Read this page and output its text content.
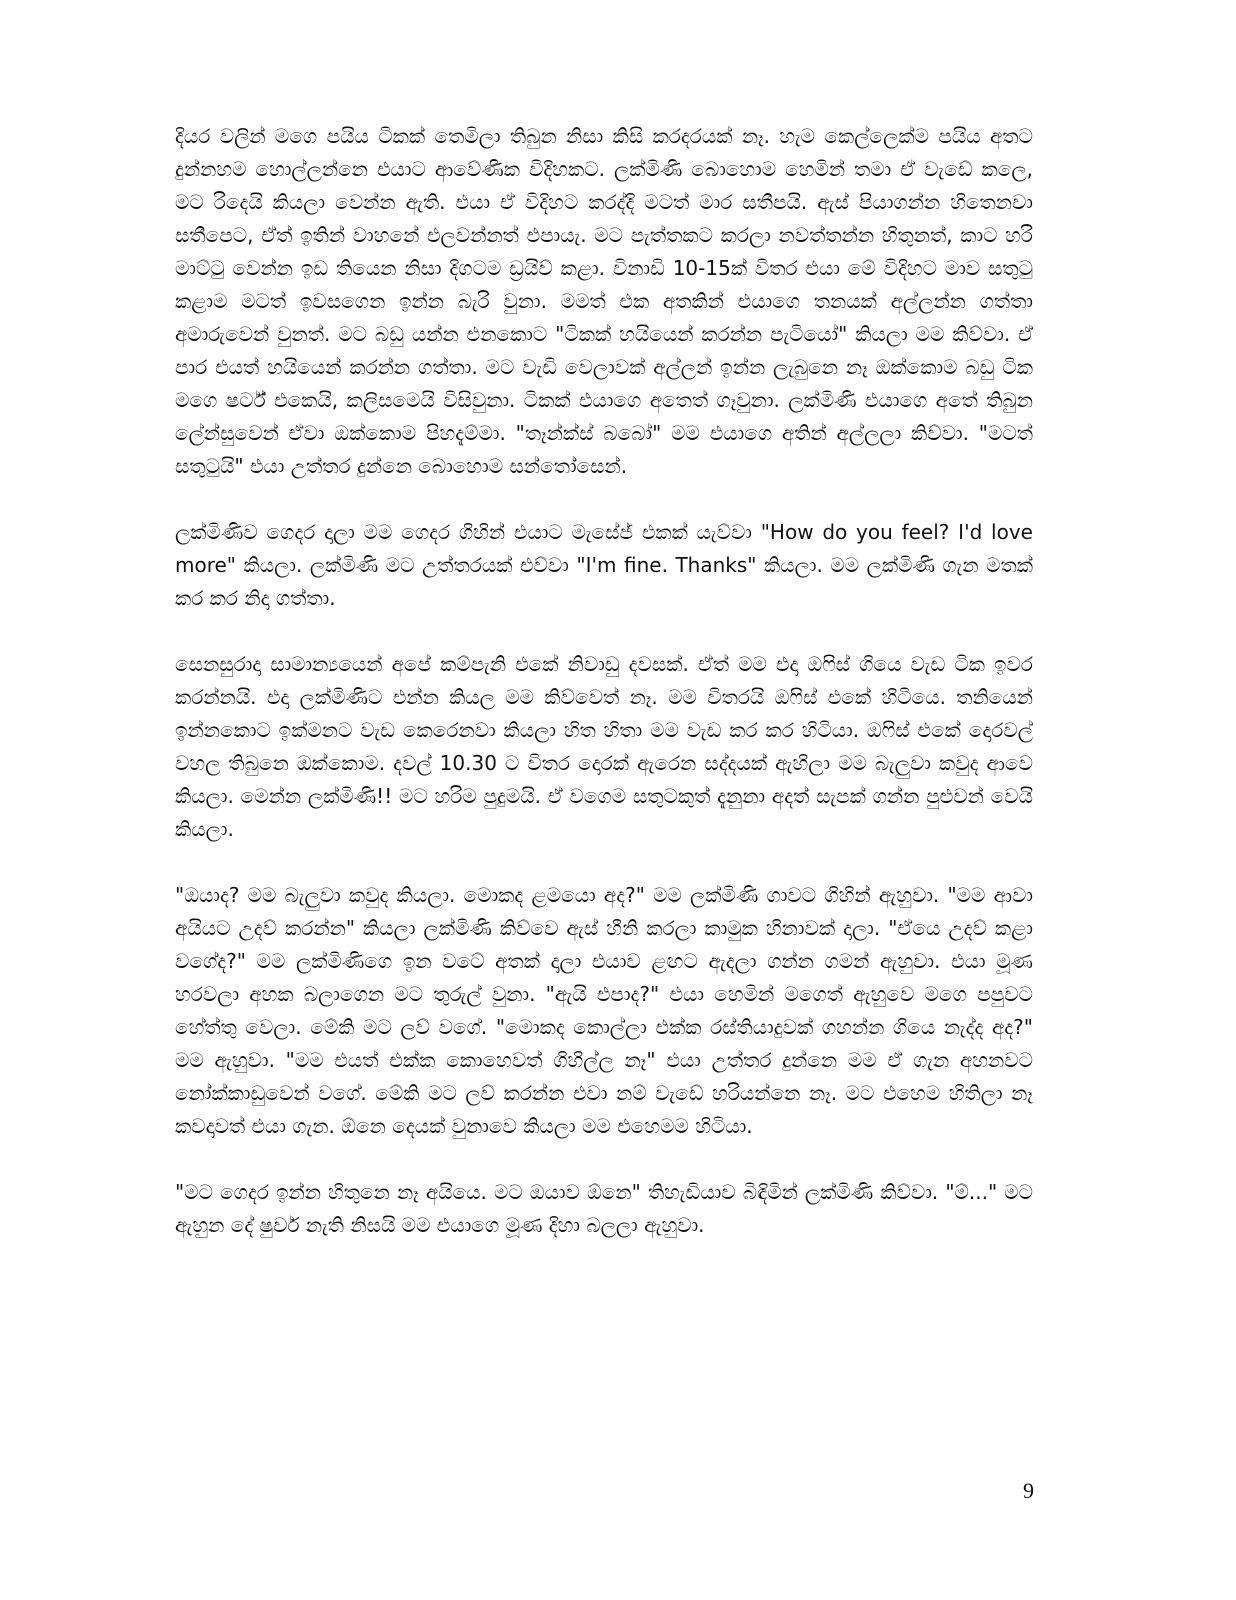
දියර වලින් මගෙ පයිය ටිකක් තෙමිලා තිබුන නිසා කිසි කරදරයක් නෑ. හැම කෙල්ලෙක්ම පයිය අතට දුන්නහම හොල්ලන්නෙ එයාට ආවේණික විදිහකට. ලක්මිණි බොහොම හෙමින් තමා ඒ වැඩේ කලෙ, මට රිදෙයි කියලා වෙන්න ඇති. එයා ඒ විදිහට කරද්දි මටත් මාර සතීපයි. ඇස් පියාගන්න හිතෙනවා සතීපෙට, ඒත් ඉතින් වාහනේ එලවන්නත් එපායැ. මට පැත්තකට කරලා නවත්තන්න හිතුනත්, කාට හරි මාට්ටු වෙන්න ඉඩ තියෙන නිසා දිගටම ඩ්‍රයිව් කළා. විනාඩි 10-15ක් විතර එයා මේ විදිහට මාව සතුටු කළාම මටත් ඉවසගෙන ඉන්න බැරි වුනා. මමත් එක අතකින් එයාගෙ තනයක් අල්ලන්න ගත්තා අමාරුවෙන් වුනත්. මට බඩු යන්න එනකොට "ටිකක් හයියෙන් කරන්න පැටියෝ" කියලා මම කිව්වා. ඒ පාර එයත් හයියෙන් කරන්න ගත්තා. මට වැඩි වෙලාවක් අල්ලන් ඉන්න ලැබුනෙ නෑ ඔක්කොම බඩු ටික මගෙ ෂර්ට් එකෙයි, කලිසමෙයි විසිවුනා. ටිකක් එයාගෙ අතෙත් ගෑවුනා. ලක්මිණි එයාගෙ අතේ තිබුන ලේන්සුවෙන් ඒවා ඔක්කොම පිහදැම්මා. "තෑන්ක්ස් බබෝ" මම එයාගෙ අතින් අල්ලලා කිව්වා. "මටත් සතුටුයි" එයා උත්තර දුන්නෙ බොහොම සන්තෝසෙන්.

ලක්මිණිව ගෙදර දාලා මම ගෙදර ගිහින් එයාට මැසේජ් එකක් යැව්වා "How do you feel? I'd love more" කියලා. ලක්මිණි මට උත්තරයක් එව්වා "I'm fine. Thanks" කියලා. මම ලක්මිණි ගැන මතක් කර කර නිදා ගත්තා.

සෙනසුරාදා සාමාන්‍යයෙන් අපේ කම්පැනි එකේ නිවාඩු දවසක්. ඒත් මම එදා ඔෆිස් ගියෙ වැඩ ටික ඉවර කරන්නයි. එදා ලක්මිණිට එන්න කියල මම කිව්වෙත් නෑ. මම විතරයි ඔෆිස් එකේ හිටියෙ. තනියෙන් ඉන්නකොට ඉක්මනට වැඩ කෙරෙනවා කියලා හිත හිතා මම වැඩ කර කර හිටියා. ඔෆිස් එකේ දොරවල් වහල තිබුනෙ ඔක්කොම. දවල් 10.30 ට විතර දොරක් ඇරෙන සද්දයක් ඇහිලා මම බැලුවා කවුද ආවෙ කියලා. මෙන්න ලක්මිණි!! මට හරිම පුදුමයි. ඒ වගෙම සතුටකුත් දැනුනා අදත් සැපක් ගන්න පුළුවන් වෙයි කියලා.

"ඔයාද? මම බැලුවා කවුද කියලා. මොකද ළමයො අද?" මම ලක්මිණි ගාවට ගිහින් ඇහුවා. "මම ආවා අයියට උදව් කරන්න" කියලා ලක්මිණි කිව්වෙ ඇස් හීනි කරලා කාමුක හිනාවක් දාලා. "ඒයෙ උදව් කළා වගේද?" මම ලක්මිණිගෙ ඉන වටේ අතක් දාලා එයාව ළඟට ඇදලා ගන්න ගමන් ඇහුවා. එයා මූණ හරවලා අහක බලාගෙන මට තුරුල් වුනා. "ඇයි එපාද?" එයා හෙමින් මගෙත් ඇහුවෙ මගෙ පපුවට හේත්තු වෙලා. මේකි මට ලව් වගේ. "මොකද කොල්ලා එක්ක රස්තියාදුවක් ගහන්න ගියෙ නැද්ද අද?" මම ඇහුවා. "මම එයත් එක්ක කොහෙවත් ගිහිල්ල නෑ" එයා උත්තර දුන්නෙ මම ඒ ගැන අහනවට නෝක්කාඩුවෙන් වගේ. මේකි මට ලව් කරන්න එවා නම් වැඩේ හරියන්නෙ නෑ. මට එහෙම හිතිලා නෑ කවදාවත් එයා ගැන. ඕනෙ දෙයක් වුනාවෙ කියලා මම එහෙමම හිටියා.

"මට ගෙදර ඉන්න හිතුනෙ නෑ අයියෙ. මට ඔයාව ඕනෙ" තිහැඩියාව බිඳිමින් ලක්මිණි කිව්වා. "ම්..." මට ඇහුන දේ ෂුවර් නැති නිසයි මම එයාගෙ මූණ දිහා බලලා ඇහුවා.

9
